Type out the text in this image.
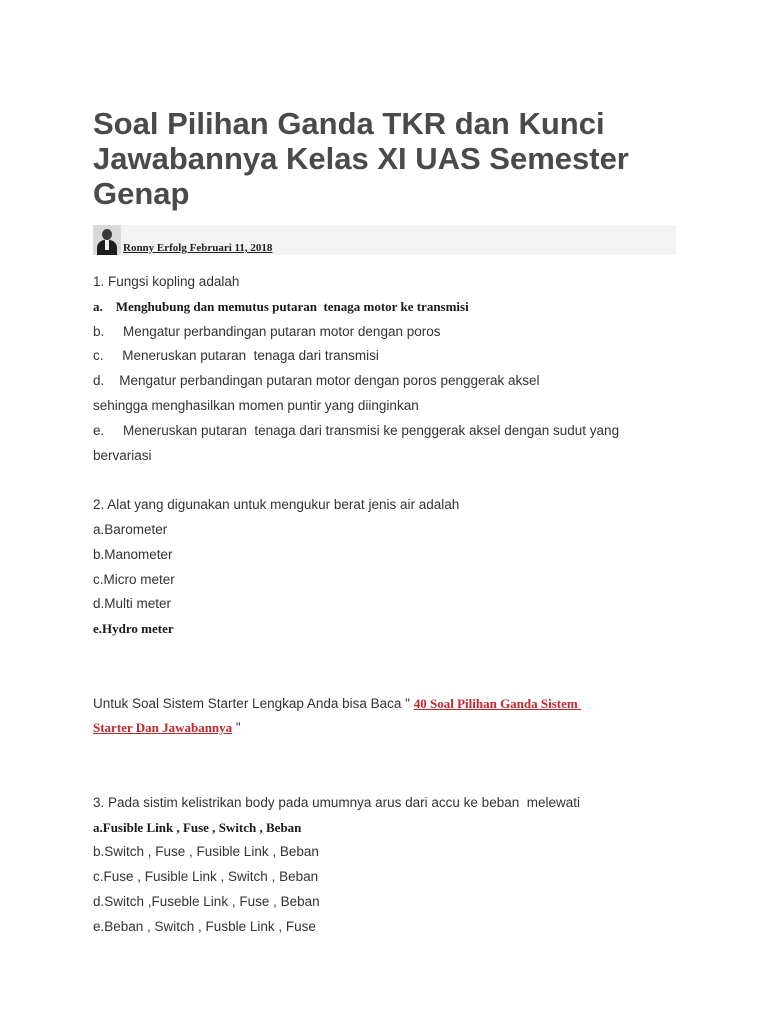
Soal Pilihan Ganda TKR dan Kunci Jawabannya Kelas XI UAS Semester Genap
Ronny Erfolg Februari 11, 2018
1. Fungsi kopling adalah
a.    Menghubung dan memutus putaran  tenaga motor ke transmisi
b.     Mengatur perbandingan putaran motor dengan poros
c.     Meneruskan putaran  tenaga dari transmisi
d.    Mengatur perbandingan putaran motor dengan poros penggerak aksel
sehingga menghasilkan momen puntir yang diinginkan
e.     Meneruskan putaran  tenaga dari transmisi ke penggerak aksel dengan sudut yang
bervariasi
2. Alat yang digunakan untuk mengukur berat jenis air adalah
a.Barometer
b.Manometer
c.Micro meter
d.Multi meter
e.Hydro meter
Untuk Soal Sistem Starter Lengkap Anda bisa Baca " 40 Soal Pilihan Ganda Sistem
Starter Dan Jawabannya "
3. Pada sistim kelistrikan body pada umumnya arus dari accu ke beban  melewati
a.Fusible Link , Fuse , Switch , Beban
b.Switch , Fuse , Fusible Link , Beban
c.Fuse , Fusible Link , Switch , Beban
d.Switch ,Fuseble Link , Fuse , Beban
e.Beban , Switch , Fusble Link , Fuse
